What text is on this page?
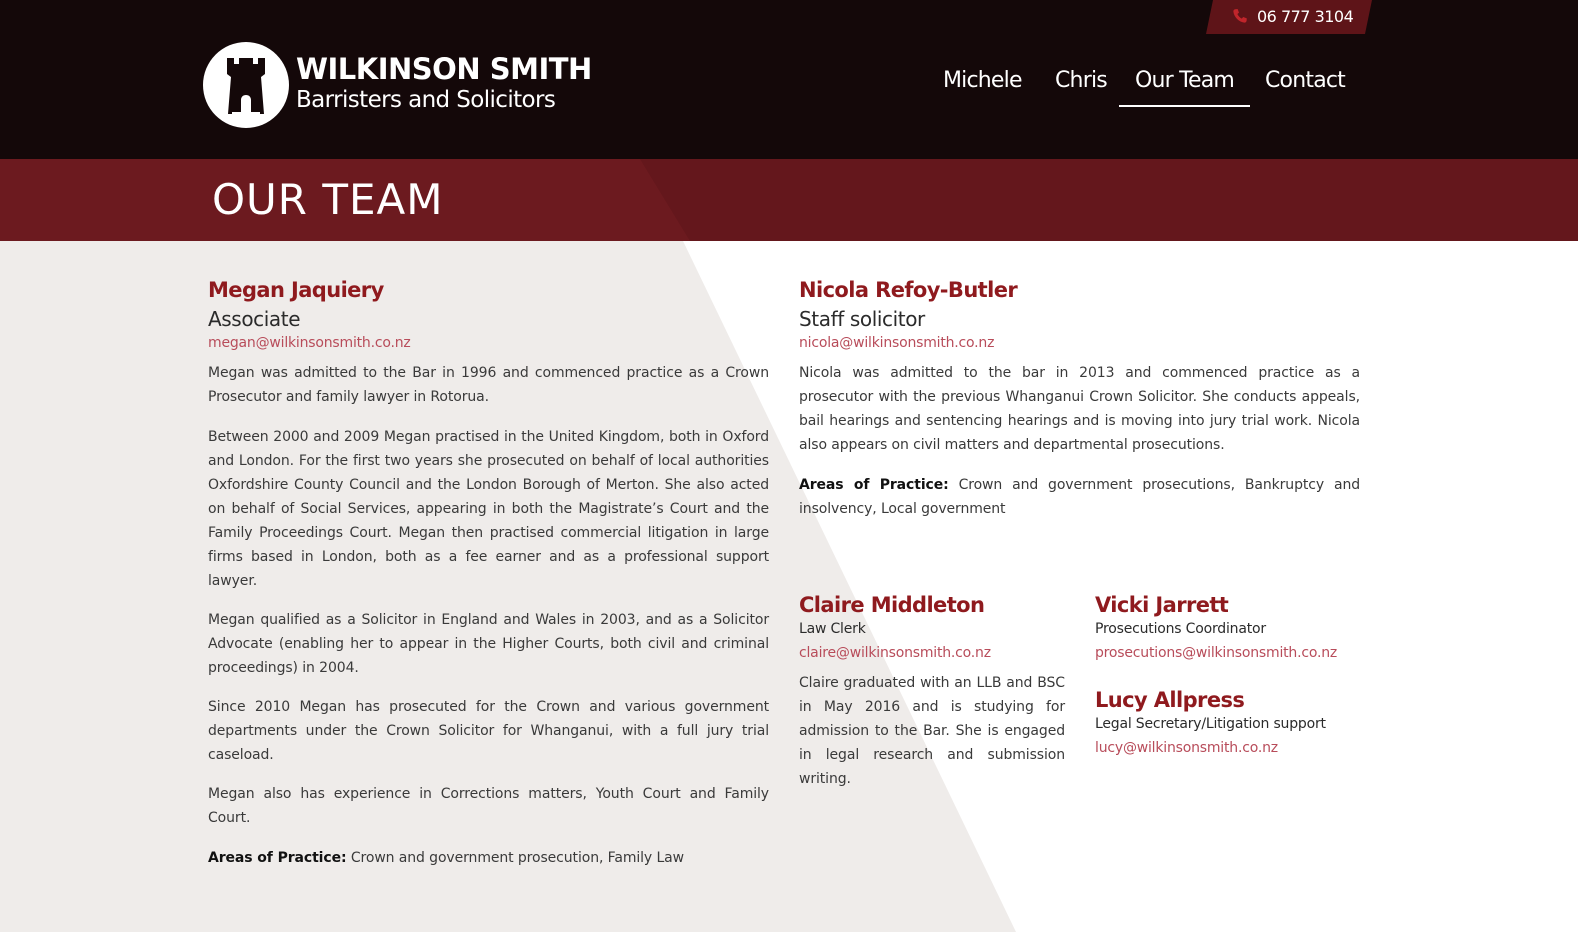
06 777 3104
WILKINSON SMITH
Barristers and Solicitors
Michele Chris Our Team Contact
OUR TEAM
Megan Jaquiery
Associate
megan@wilkinsonsmith.co.nz

Megan was admitted to the Bar in 1996 and commenced practice as a Crown Prosecutor and family lawyer in Rotorua.

Between 2000 and 2009 Megan practised in the United Kingdom, both in Oxford and London. For the first two years she prosecuted on behalf of local authorities Oxfordshire County Council and the London Borough of Merton. She also acted on behalf of Social Services, appearing in both the Magistrate’s Court and the Family Proceedings Court. Megan then practised commercial litigation in large firms based in London, both as a fee earner and as a professional support lawyer.

Megan qualified as a Solicitor in England and Wales in 2003, and as a Solicitor Advocate (enabling her to appear in the Higher Courts, both civil and criminal proceedings) in 2004.

Since 2010 Megan has prosecuted for the Crown and various government departments under the Crown Solicitor for Whanganui, with a full jury trial caseload.

Megan also has experience in Corrections matters, Youth Court and Family Court.

Areas of Practice: Crown and government prosecution, Family Law

Nicola Refoy-Butler
Staff solicitor
nicola@wilkinsonsmith.co.nz

Nicola was admitted to the bar in 2013 and commenced practice as a prosecutor with the previous Whanganui Crown Solicitor. She conducts appeals, bail hearings and sentencing hearings and is moving into jury trial work. Nicola also appears on civil matters and departmental prosecutions.

Areas of Practice: Crown and government prosecutions, Bankruptcy and insolvency, Local government

Claire Middleton
Law Clerk
claire@wilkinsonsmith.co.nz

Claire graduated with an LLB and BSC in May 2016 and is studying for admission to the Bar. She is engaged in legal research and submission writing.

Vicki Jarrett
Prosecutions Coordinator
prosecutions@wilkinsonsmith.co.nz
Lucy Allpress
Legal Secretary/Litigation support
lucy@wilkinsonsmith.co.nz
